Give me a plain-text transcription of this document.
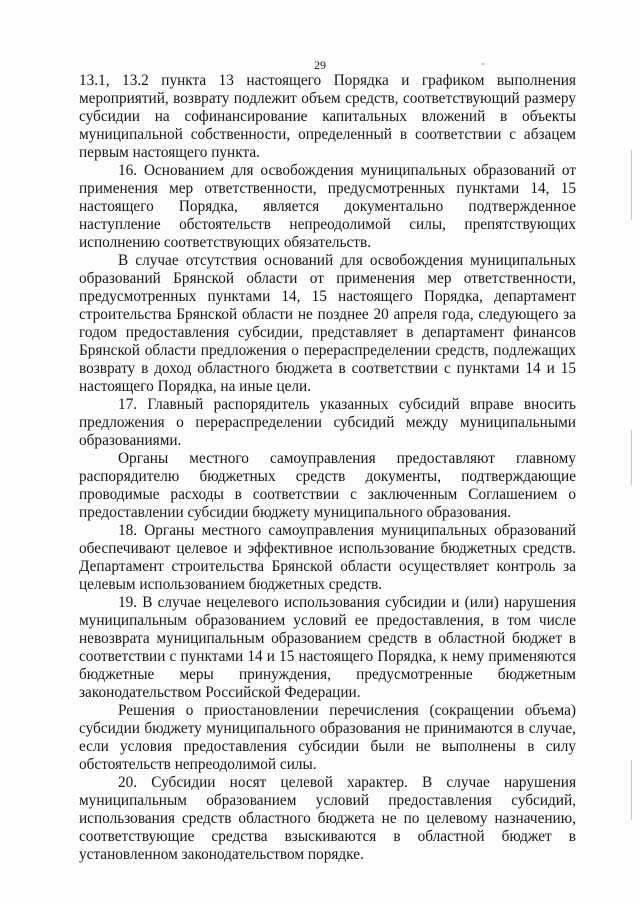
29

13.1, 13.2 пункта 13 настоящего Порядка и графиком выполнения мероприятий, возврату подлежит объем средств, соответствующий размеру субсидии на софинансирование капитальных вложений в объекты муниципальной собственности, определенный в соответствии с абзацем первым настоящего пункта.

16. Основанием для освобождения муниципальных образований от применения мер ответственности, предусмотренных пунктами 14, 15 настоящего Порядка, является документально подтвержденное наступление обстоятельств непреодолимой силы, препятствующих исполнению соответствующих обязательств.

В случае отсутствия оснований для освобождения муниципальных образований Брянской области от применения мер ответственности, предусмотренных пунктами 14, 15 настоящего Порядка, департамент строительства Брянской области не позднее 20 апреля года, следующего за годом предоставления субсидии, представляет в департамент финансов Брянской области предложения о перераспределении средств, подлежащих возврату в доход областного бюджета в соответствии с пунктами 14 и 15 настоящего Порядка, на иные цели.

17. Главный распорядитель указанных субсидий вправе вносить предложения о перераспределении субсидий между муниципальными образованиями.

Органы местного самоуправления предоставляют главному распорядителю бюджетных средств документы, подтверждающие проводимые расходы в соответствии с заключенным Соглашением о предоставлении субсидии бюджету муниципального образования.

18. Органы местного самоуправления муниципальных образований обеспечивают целевое и эффективное использование бюджетных средств. Департамент строительства Брянской области осуществляет контроль за целевым использованием бюджетных средств.

19. В случае нецелевого использования субсидии и (или) нарушения муниципальным образованием условий ее предоставления, в том числе невозврата муниципальным образованием средств в областной бюджет в соответствии с пунктами 14 и 15 настоящего Порядка, к нему применяются бюджетные меры принуждения, предусмотренные бюджетным законодательством Российской Федерации.

Решения о приостановлении перечисления (сокращении объема) субсидии бюджету муниципального образования не принимаются в случае, если условия предоставления субсидии были не выполнены в силу обстоятельств непреодолимой силы.

20. Субсидии носят целевой характер. В случае нарушения муниципальным образованием условий предоставления субсидий, использования средств областного бюджета не по целевому назначению, соответствующие средства взыскиваются в областной бюджет в установленном законодательством порядке.
